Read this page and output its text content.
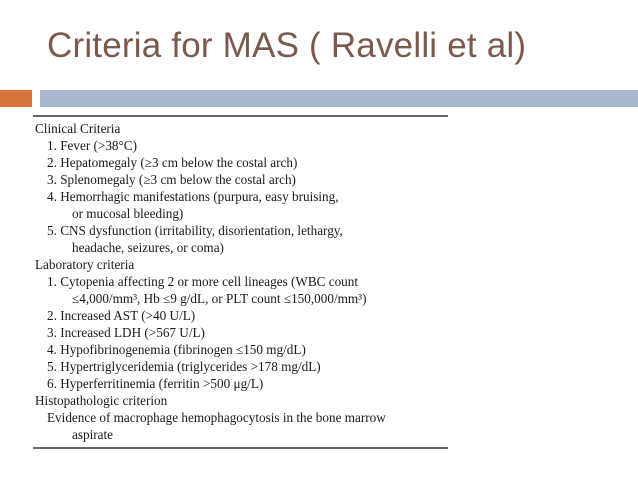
Criteria for MAS ( Ravelli et al)
Clinical Criteria
1. Fever (>38°C)
2. Hepatomegaly (≥3 cm below the costal arch)
3. Splenomegaly (≥3 cm below the costal arch)
4. Hemorrhagic manifestations (purpura, easy bruising,
or mucosal bleeding)
5. CNS dysfunction (irritability, disorientation, lethargy,
headache, seizures, or coma)
Laboratory criteria
1. Cytopenia affecting 2 or more cell lineages (WBC count
≤4,000/mm³, Hb ≤9 g/dL, or PLT count ≤150,000/mm³)
2. Increased AST (>40 U/L)
3. Increased LDH (>567 U/L)
4. Hypofibrinogenemia (fibrinogen ≤150 mg/dL)
5. Hypertriglyceridemia (triglycerides >178 mg/dL)
6. Hyperferritinemia (ferritin >500 μg/L)
Histopathologic criterion
Evidence of macrophage hemophagocytosis in the bone marrow
aspirate
